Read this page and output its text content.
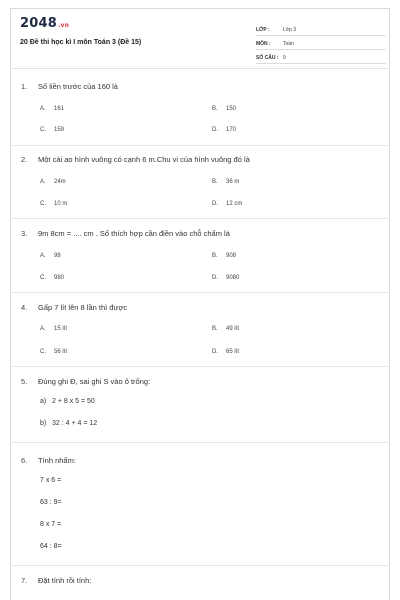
2048.vn
20 Đề thi học kì I môn Toán 3 (Đề 15)
LỚP :	Lớp 3
MÔN : Toán
SỐ CÂU : 9
1. Số liền trước của 160 là
A. 161	B. 150
C. 159	D. 170
2. Một cái ao hình vuông có cạnh 6 m.Chu vi của hình vuông đó là
A. 24m	B. 36 m
C. 10 m	D. 12 cm
3. 9m 8cm = .... cm . Số thích hợp cần điền vào chỗ chấm là
A. 98	B. 908
C. 980	D. 9080
4. Gấp 7 lít lên 8 lần thì được
A. 15 lít	B. 49 lít
C. 56 lít	D. 65 lít
5. Đúng ghi Đ, sai ghi S vào ô trống:
a) 2 + 8 x 5 = 50
b) 32 : 4 + 4 = 12
6. Tính nhẩm:
7 x 6 =
63 : 9=
8 x 7 =
64 : 8=
7. Đặt tính rồi tính:
